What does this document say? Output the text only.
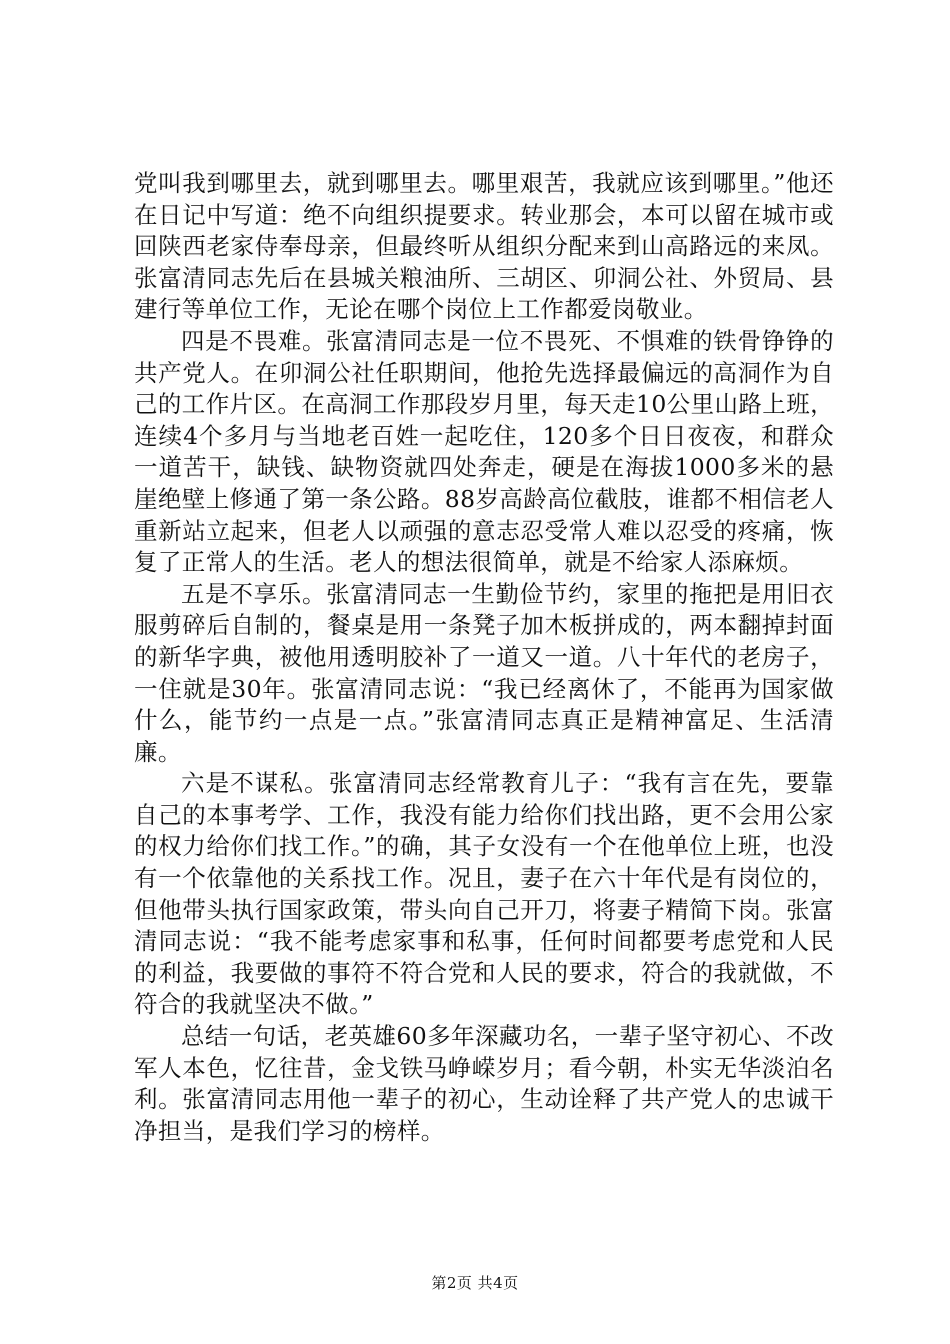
党叫我到哪里去，就到哪里去。哪里艰苦，我就应该到哪里。”他还在日记中写道：绝不向组织提要求。转业那会，本可以留在城市或回陕西老家侍奉母亲，但最终听从组织分配来到山高路远的来凤。张富清同志先后在县城关粮油所、三胡区、卯洞公社、外贸局、县建行等单位工作，无论在哪个岗位上工作都爱岗敬业。

四是不畏难。张富清同志是一位不畏死、不惧难的铁骨铮铮的共产党人。在卯洞公社任职期间，他抢先选择最偏远的高洞作为自己的工作片区。在高洞工作那段岁月里，每天走10公里山路上班，连续4个多月与当地老百姓一起吃住，120多个日日夜夜，和群众一道苦干，缺钱、缺物资就四处奔走，硬是在海拔1000多米的悬崖绝壁上修通了第一条公路。88岁高龄高位截肢，谁都不相信老人重新站立起来，但老人以顽强的意志忍受常人难以忍受的疼痛，恢复了正常人的生活。老人的想法很简单，就是不给家人添麻烦。

五是不享乐。张富清同志一生勤俭节约，家里的拖把是用旧衣服剪碎后自制的，餐桌是用一条凳子加木板拼成的，两本翻掉封面的新华字典，被他用透明胶补了一道又一道。八十年代的老房子，一住就是30年。张富清同志说：“我已经离休了，不能再为国家做什么，能节约一点是一点。”张富清同志真正是精神富足、生活清廉。

六是不谋私。张富清同志经常教育儿子：“我有言在先，要靠自己的本事考学、工作，我没有能力给你们找出路，更不会用公家的权力给你们找工作。”的确，其子女没有一个在他单位上班，也没有一个依靠他的关系找工作。况且，妻子在六十年代是有岗位的，但他带头执行国家政策，带头向自己开刀，将妻子精简下岗。张富清同志说：“我不能考虑家事和私事，任何时间都要考虑党和人民的利益，我要做的事符不符合党和人民的要求，符合的我就做，不符合的我就坚决不做。”

总结一句话，老英雄60多年深藏功名，一辈子坚守初心、不改军人本色，忆往昔，金戈铁马峥嵘岁月；看今朝，朴实无华淡泊名利。张富清同志用他一辈子的初心，生动诠释了共产党人的忠诚干净担当，是我们学习的榜样。

第2页 共4页
